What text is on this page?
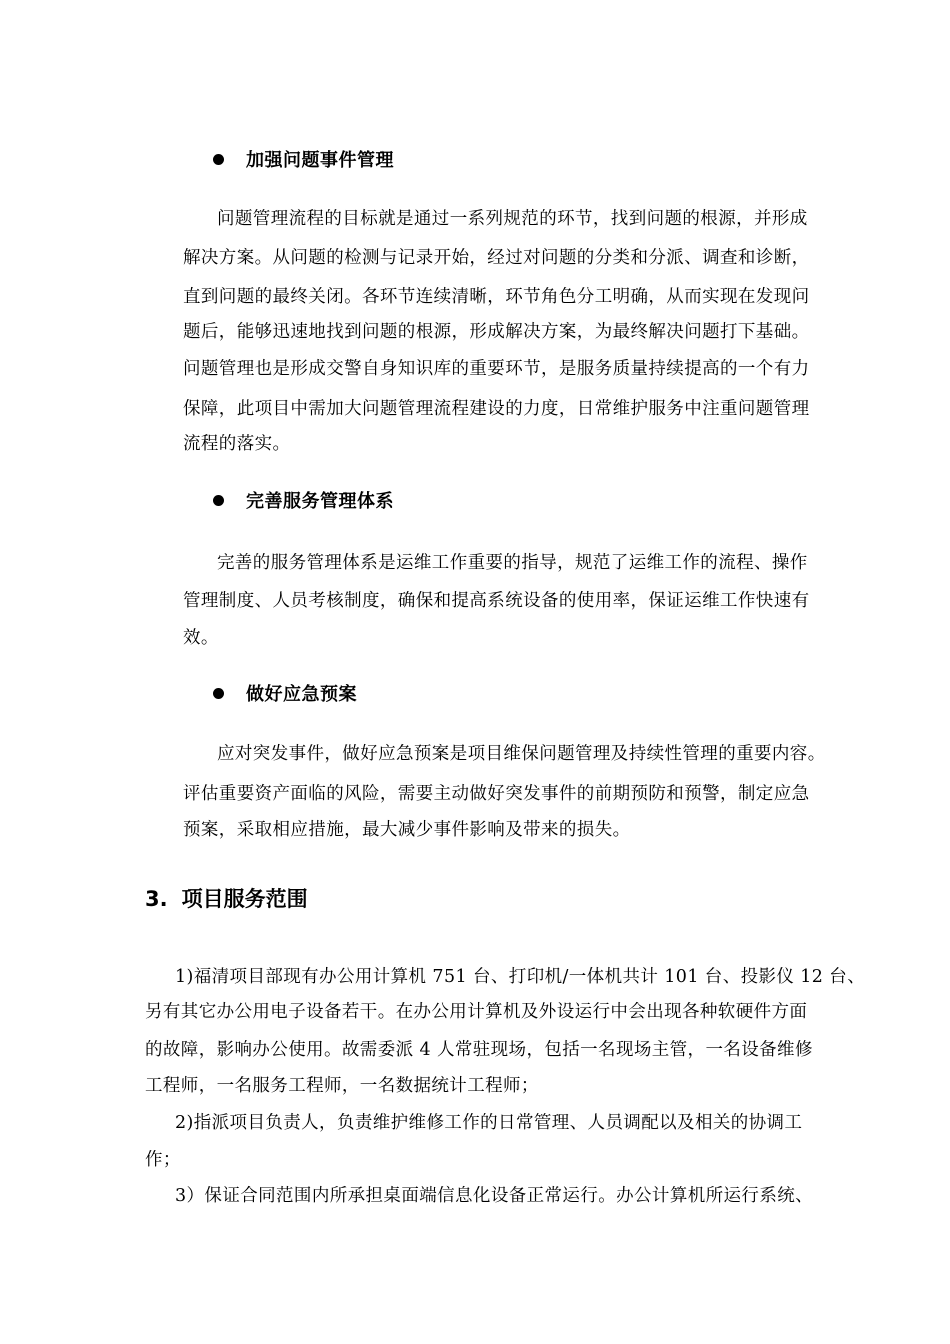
加强问题事件管理
问题管理流程的目标就是通过一系列规范的环节，找到问题的根源，并形成
解决方案。从问题的检测与记录开始，经过对问题的分类和分派、调查和诊断，
直到问题的最终关闭。各环节连续清晰，环节角色分工明确，从而实现在发现问
题后，能够迅速地找到问题的根源，形成解决方案，为最终解决问题打下基础。
问题管理也是形成交警自身知识库的重要环节，是服务质量持续提高的一个有力
保障，此项目中需加大问题管理流程建设的力度，日常维护服务中注重问题管理
流程的落实。
完善服务管理体系
完善的服务管理体系是运维工作重要的指导，规范了运维工作的流程、操作
管理制度、人员考核制度，确保和提高系统设备的使用率，保证运维工作快速有
效。
做好应急预案
应对突发事件，做好应急预案是项目维保问题管理及持续性管理的重要内容。
评估重要资产面临的风险，需要主动做好突发事件的前期预防和预警，制定应急
预案，采取相应措施，最大减少事件影响及带来的损失。
3. 项目服务范围
1)福清项目部现有办公用计算机 751 台、打印机/一体机共计 101 台、投影仪 12 台、
另有其它办公用电子设备若干。在办公用计算机及外设运行中会出现各种软硬件方面
的故障，影响办公使用。故需委派 4 人常驻现场，包括一名现场主管，一名设备维修
工程师，一名服务工程师，一名数据统计工程师；
2)指派项目负责人，负责维护维修工作的日常管理、人员调配以及相关的协调工
作；
3）保证合同范围内所承担桌面端信息化设备正常运行。办公计算机所运行系统、
